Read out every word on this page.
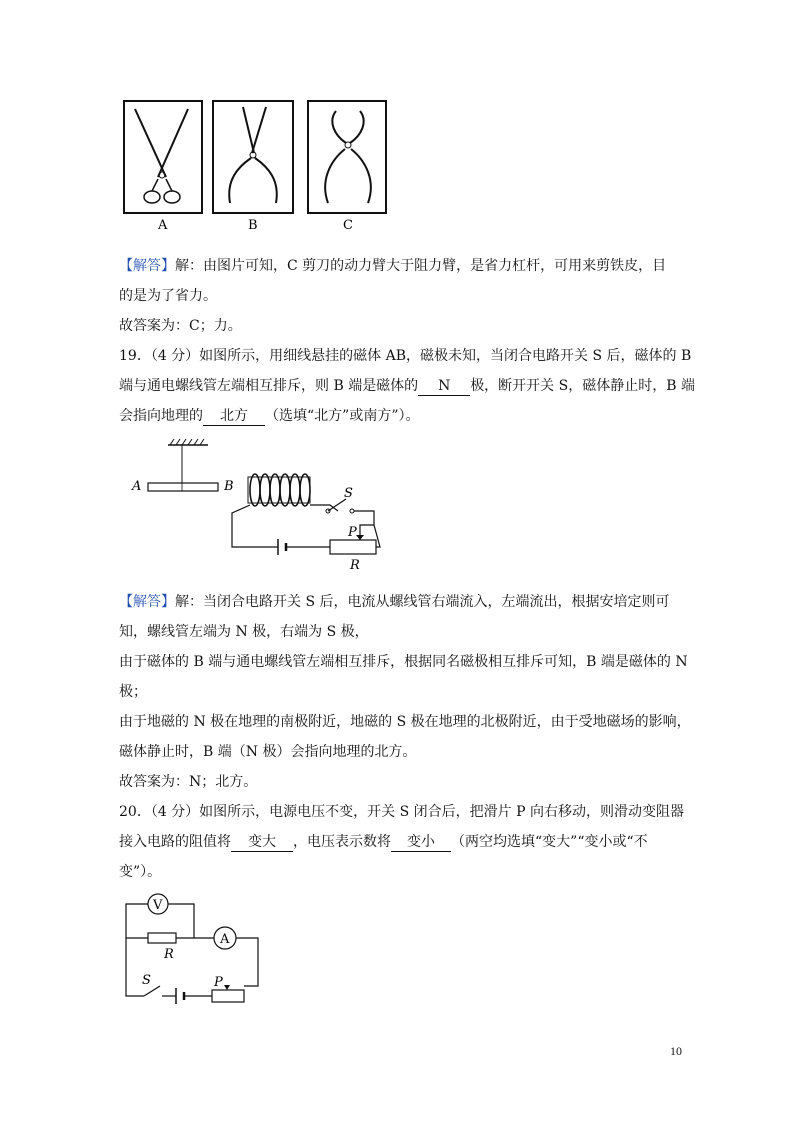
A	B	C
【解答】解：由图片可知，C 剪刀的动力臂大于阻力臂，是省力杠杆，可用来剪铁皮，目
的是为了省力。
故答案为：C；力。
19．（4 分）如图所示，用细线悬挂的磁体 AB，磁极未知，当闭合电路开关 S 后，磁体的 B
端与通电螺线管左端相互排斥，则 B 端是磁体的 N 极，断开开关 S，磁体静止时，B 端
会指向地理的 北方 （选填“北方”或南方”）。
A	B
P
R
S
【解答】解：当闭合电路开关 S 后，电流从螺线管右端流入，左端流出，根据安培定则可
知，螺线管左端为 N 极，右端为 S 极，
由于磁体的 B 端与通电螺线管左端相互排斥，根据同名磁极相互排斥可知，B 端是磁体的 N
极；
由于地磁的 N 极在地理的南极附近，地磁的 S 极在地理的北极附近，由于受地磁场的影响，
磁体静止时，B 端（N 极）会指向地理的北方。
故答案为：N；北方。
20．（4 分）如图所示，电源电压不变，开关 S 闭合后，把滑片 P 向右移动，则滑动变阻器
接入电路的阻值将 变大 ，电压表示数将 变小 （两空均选填“变大”“变小或“不
变”）。
V
R
A
S	P
10
